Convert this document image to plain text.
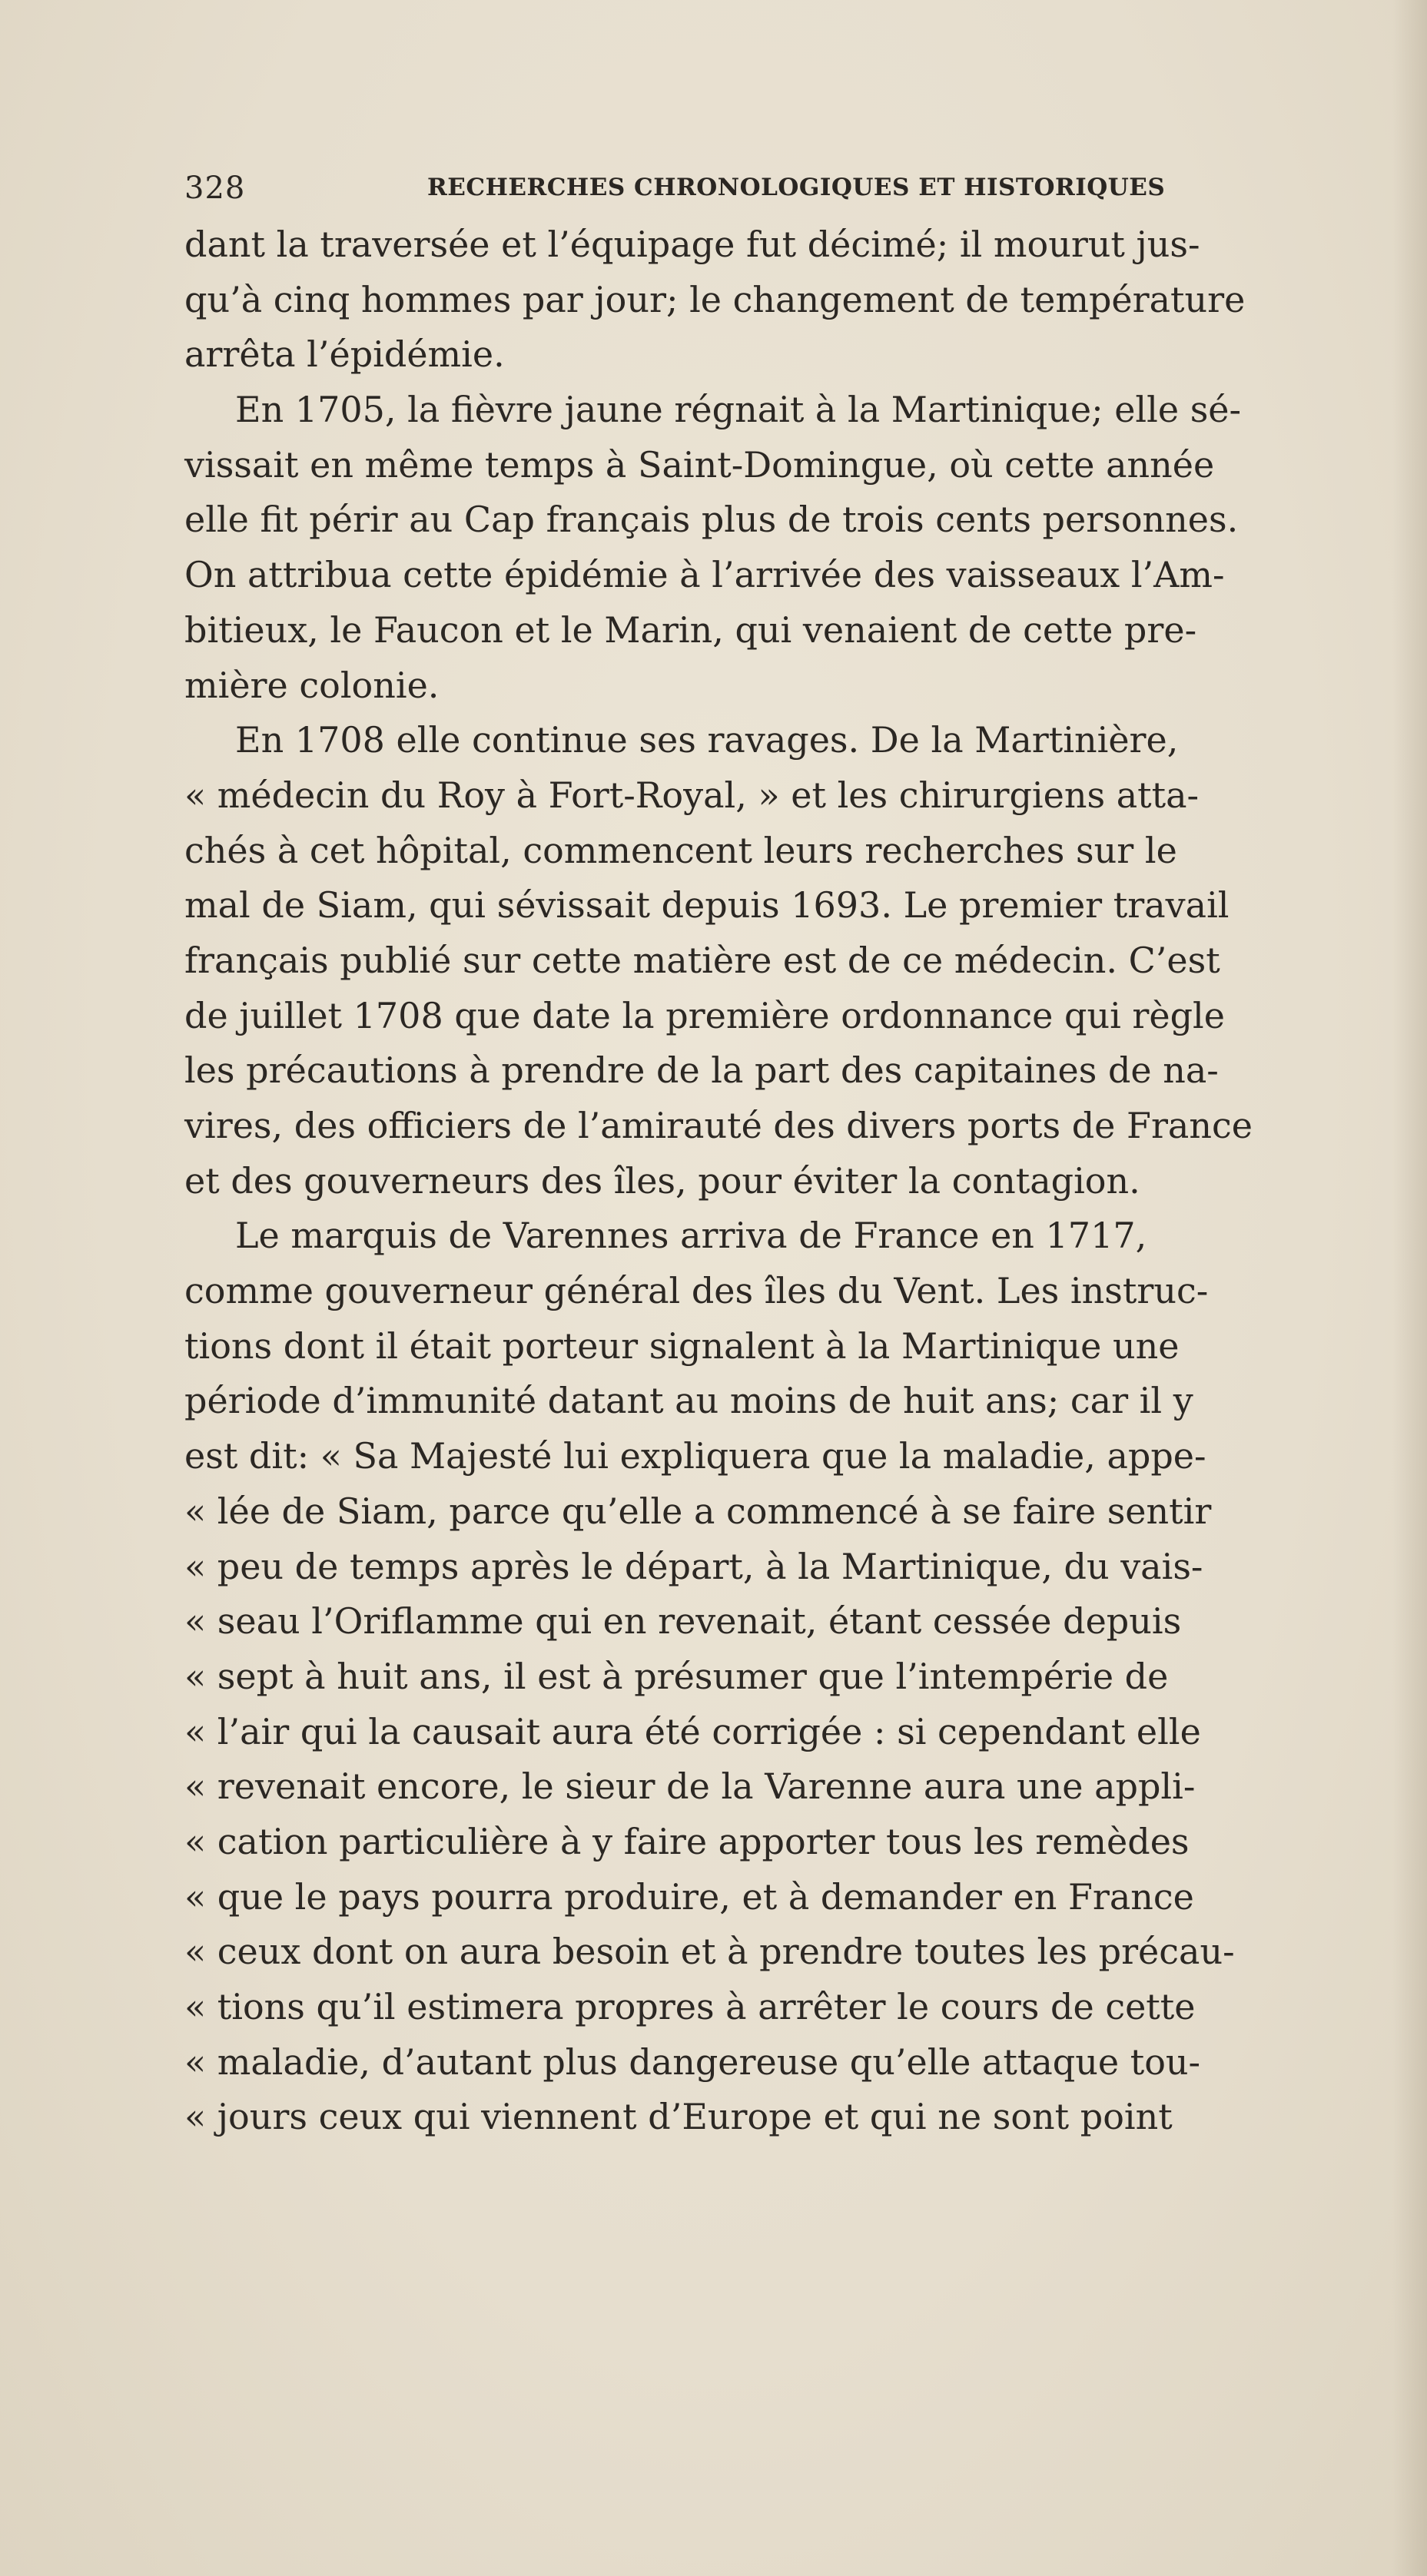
328	RECHERCHES CHRONOLOGIQUES ET HISTORIQUES
dant la traversée et l’équipage fut décimé; il mourut jus-
qu’à cinq hommes par jour; le changement de température
arrêta l’épidémie.
En 1705, la fièvre jaune régnait à la Martinique; elle sé-
vissait en même temps à Saint-Domingue, où cette année
elle fit périr au Cap français plus de trois cents personnes.
On attribua cette épidémie à l’arrivée des vaisseaux l’Am-
bitieux, le Faucon et le Marin, qui venaient de cette pre-
mière colonie.
En 1708 elle continue ses ravages. De la Martinière,
« médecin du Roy à Fort-Royal, » et les chirurgiens atta-
chés à cet hôpital, commencent leurs recherches sur le
mal de Siam, qui sévissait depuis 1693. Le premier travail
français publié sur cette matière est de ce médecin. C’est
de juillet 1708 que date la première ordonnance qui règle
les précautions à prendre de la part des capitaines de na-
vires, des officiers de l’amirauté des divers ports de France
et des gouverneurs des îles, pour éviter la contagion.
Le marquis de Varennes arriva de France en 1717,
comme gouverneur général des îles du Vent. Les instruc-
tions dont il était porteur signalent à la Martinique une
période d’immunité datant au moins de huit ans; car il y
est dit: « Sa Majesté lui expliquera que la maladie, appe-
« lée de Siam, parce qu’elle a commencé à se faire sentir
« peu de temps après le départ, à la Martinique, du vais-
« seau l’Oriflamme qui en revenait, étant cessée depuis
« sept à huit ans, il est à présumer que l’intempérie de
« l’air qui la causait aura été corrigée : si cependant elle
« revenait encore, le sieur de la Varenne aura une appli-
« cation particulière à y faire apporter tous les remèdes
« que le pays pourra produire, et à demander en France
« ceux dont on aura besoin et à prendre toutes les précau-
« tions qu’il estimera propres à arrêter le cours de cette
« maladie, d’autant plus dangereuse qu’elle attaque tou-
« jours ceux qui viennent d’Europe et qui ne sont point
